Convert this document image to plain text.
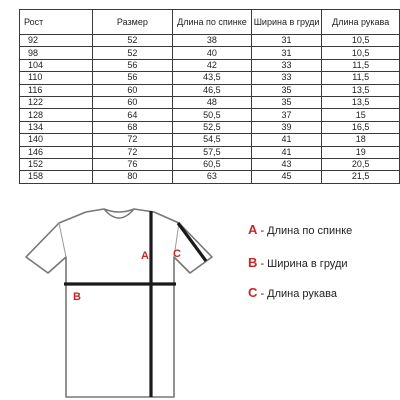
Рост	Размер	Длина по спинке	Ширина в груди	Длина рукава
92	52	38	31	10,5
98	52	40	31	10,5
104	56	42	33	11,5
110	56	43,5	33	11,5
116	60	46,5	35	13,5
122	60	48	35	13,5
128	64	50,5	37	15
134	68	52,5	39	16,5
140	72	54,5	41	18
146	72	57,5	41	19
152	76	60,5	43	20,5
158	80	63	45	21,5
A
B
C
А - Длина по спинке
В - Ширина в груди
С - Длина рукава
